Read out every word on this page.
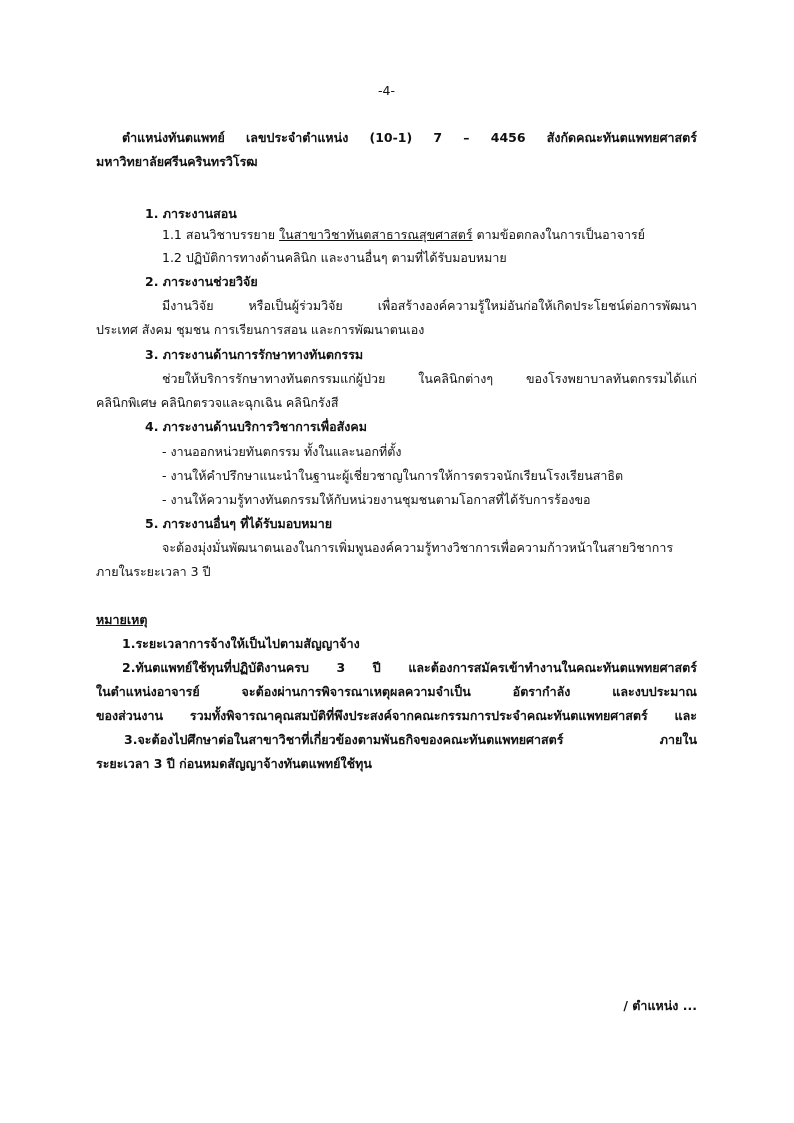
-4-
ตำแหน่งทันตแพทย์ เลขประจำตำแหน่ง (10-1) 7 – 4456 สังกัดคณะทันตแพทยศาสตร์
มหาวิทยาลัยศรีนครินทรวิโรฒ
1. ภาระงานสอน
1.1 สอนวิชาบรรยาย ในสาขาวิชาทันตสาธารณสุขศาสตร์ ตามข้อตกลงในการเป็นอาจารย์
1.2 ปฏิบัติการทางด้านคลินิก และงานอื่นๆ ตามที่ได้รับมอบหมาย
2. ภาระงานช่วยวิจัย
มีงานวิจัย หรือเป็นผู้ร่วมวิจัย เพื่อสร้างองค์ความรู้ใหม่อันก่อให้เกิดประโยชน์ต่อการพัฒนา
ประเทศ สังคม ชุมชน การเรียนการสอน และการพัฒนาตนเอง
3. ภาระงานด้านการรักษาทางทันตกรรม
ช่วยให้บริการรักษาทางทันตกรรมแก่ผู้ป่วย ในคลินิกต่างๆ ของโรงพยาบาลทันตกรรมได้แก่
คลินิกพิเศษ คลินิกตรวจและฉุกเฉิน คลินิกรังสี
4. ภาระงานด้านบริการวิชาการเพื่อสังคม
- งานออกหน่วยทันตกรรม ทั้งในและนอกที่ตั้ง
- งานให้คำปรึกษาแนะนำในฐานะผู้เชี่ยวชาญในการให้การตรวจนักเรียนโรงเรียนสาธิต
- งานให้ความรู้ทางทันตกรรมให้กับหน่วยงานชุมชนตามโอกาสที่ได้รับการร้องขอ
5. ภาระงานอื่นๆ ที่ได้รับมอบหมาย
จะต้องมุ่งมั่นพัฒนาตนเองในการเพิ่มพูนองค์ความรู้ทางวิชาการเพื่อความก้าวหน้าในสายวิชาการ
ภายในระยะเวลา 3 ปี
หมายเหตุ
1.ระยะเวลาการจ้างให้เป็นไปตามสัญญาจ้าง
2.ทันตแพทย์ใช้ทุนที่ปฏิบัติงานครบ 3 ปี และต้องการสมัครเข้าทำงานในคณะทันตแพทยศาสตร์
ในตำแหน่งอาจารย์ จะต้องผ่านการพิจารณาเหตุผลความจำเป็น อัตรากำลัง และงบประมาณ
ของส่วนงาน รวมทั้งพิจารณาคุณสมบัติที่พึงประสงค์จากคณะกรรมการประจำคณะทันตแพทยศาสตร์ และ
3.จะต้องไปศึกษาต่อในสาขาวิชาที่เกี่ยวข้องตามพันธกิจของคณะทันตแพทยศาสตร์ ภายใน
ระยะเวลา 3 ปี ก่อนหมดสัญญาจ้างทันตแพทย์ใช้ทุน
/ ตำแหน่ง ...
